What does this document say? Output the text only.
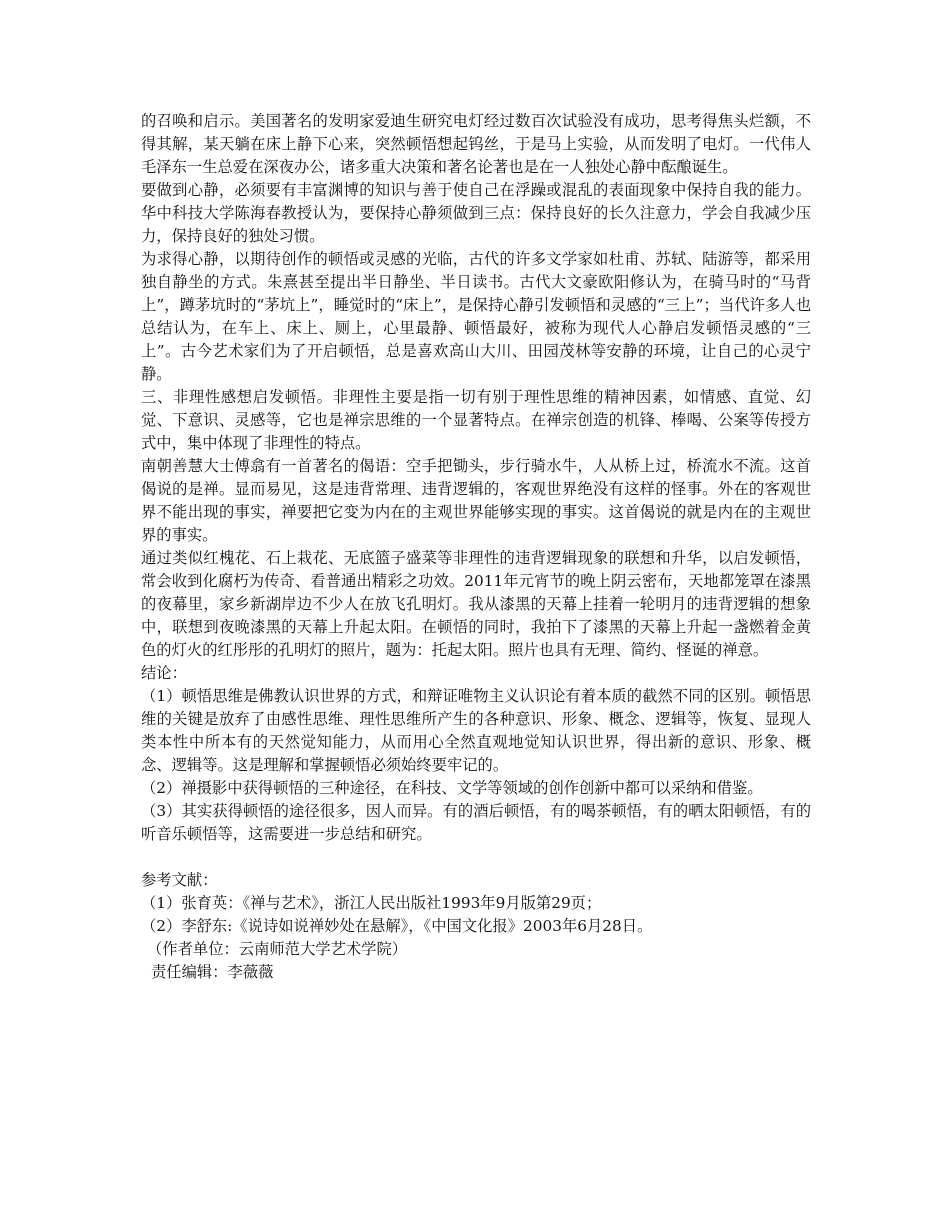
的召唤和启示。美国著名的发明家爱迪生研究电灯经过数百次试验没有成功，思考得焦头烂额，不得其解，某天躺在床上静下心来，突然顿悟想起钨丝，于是马上实验，从而发明了电灯。一代伟人毛泽东一生总爱在深夜办公，诸多重大决策和著名论著也是在一人独处心静中酝酿诞生。

要做到心静，必须要有丰富渊博的知识与善于使自己在浮躁或混乱的表面现象中保持自我的能力。华中科技大学陈海春教授认为，要保持心静须做到三点：保持良好的长久注意力，学会自我减少压力，保持良好的独处习惯。

为求得心静，以期待创作的顿悟或灵感的光临，古代的许多文学家如杜甫、苏轼、陆游等，都采用独自静坐的方式。朱熹甚至提出半日静坐、半日读书。古代大文豪欧阳修认为，在骑马时的“马背上”，蹲茅坑时的“茅坑上”，睡觉时的“床上”，是保持心静引发顿悟和灵感的“三上”；当代许多人也总结认为，在车上、床上、厕上，心里最静、顿悟最好，被称为现代人心静启发顿悟灵感的“三上”。古今艺术家们为了开启顿悟，总是喜欢高山大川、田园茂林等安静的环境，让自己的心灵宁静。

三、非理性感想启发顿悟。非理性主要是指一切有别于理性思维的精神因素，如情感、直觉、幻觉、下意识、灵感等，它也是禅宗思维的一个显著特点。在禅宗创造的机锋、棒喝、公案等传授方式中，集中体现了非理性的特点。

南朝善慧大士傅翕有一首著名的偈语：空手把锄头，步行骑水牛，人从桥上过，桥流水不流。这首偈说的是禅。显而易见，这是违背常理、违背逻辑的，客观世界绝没有这样的怪事。外在的客观世界不能出现的事实，禅要把它变为内在的主观世界能够实现的事实。这首偈说的就是内在的主观世界的事实。

通过类似红槐花、石上栽花、无底篮子盛菜等非理性的违背逻辑现象的联想和升华，以启发顿悟，常会收到化腐朽为传奇、看普通出精彩之功效。2011年元宵节的晚上阴云密布，天地都笼罩在漆黑的夜幕里，家乡新湖岸边不少人在放飞孔明灯。我从漆黑的天幕上挂着一轮明月的违背逻辑的想象中，联想到夜晚漆黑的天幕上升起太阳。在顿悟的同时，我拍下了漆黑的天幕上升起一盏燃着金黄色的灯火的红彤彤的孔明灯的照片，题为：托起太阳。照片也具有无理、简约、怪诞的禅意。

结论：

（1）顿悟思维是佛教认识世界的方式，和辩证唯物主义认识论有着本质的截然不同的区别。顿悟思维的关键是放弃了由感性思维、理性思维所产生的各种意识、形象、概念、逻辑等，恢复、显现人类本性中所本有的天然觉知能力，从而用心全然直观地觉知认识世界，得出新的意识、形象、概念、逻辑等。这是理解和掌握顿悟必须始终要牢记的。

（2）禅摄影中获得顿悟的三种途径，在科技、文学等领域的创作创新中都可以采纳和借鉴。

（3）其实获得顿悟的途径很多，因人而异。有的酒后顿悟，有的喝茶顿悟，有的晒太阳顿悟，有的听音乐顿悟等，这需要进一步总结和研究。

参考文献：

（1）张育英：《禅与艺术》，浙江人民出版社1993年9月版第29页；

（2）李舒东:《说诗如说禅妙处在悬解》，《中国文化报》2003年6月28日。

（作者单位：云南师范大学艺术学院）

责任编辑：李薇薇
